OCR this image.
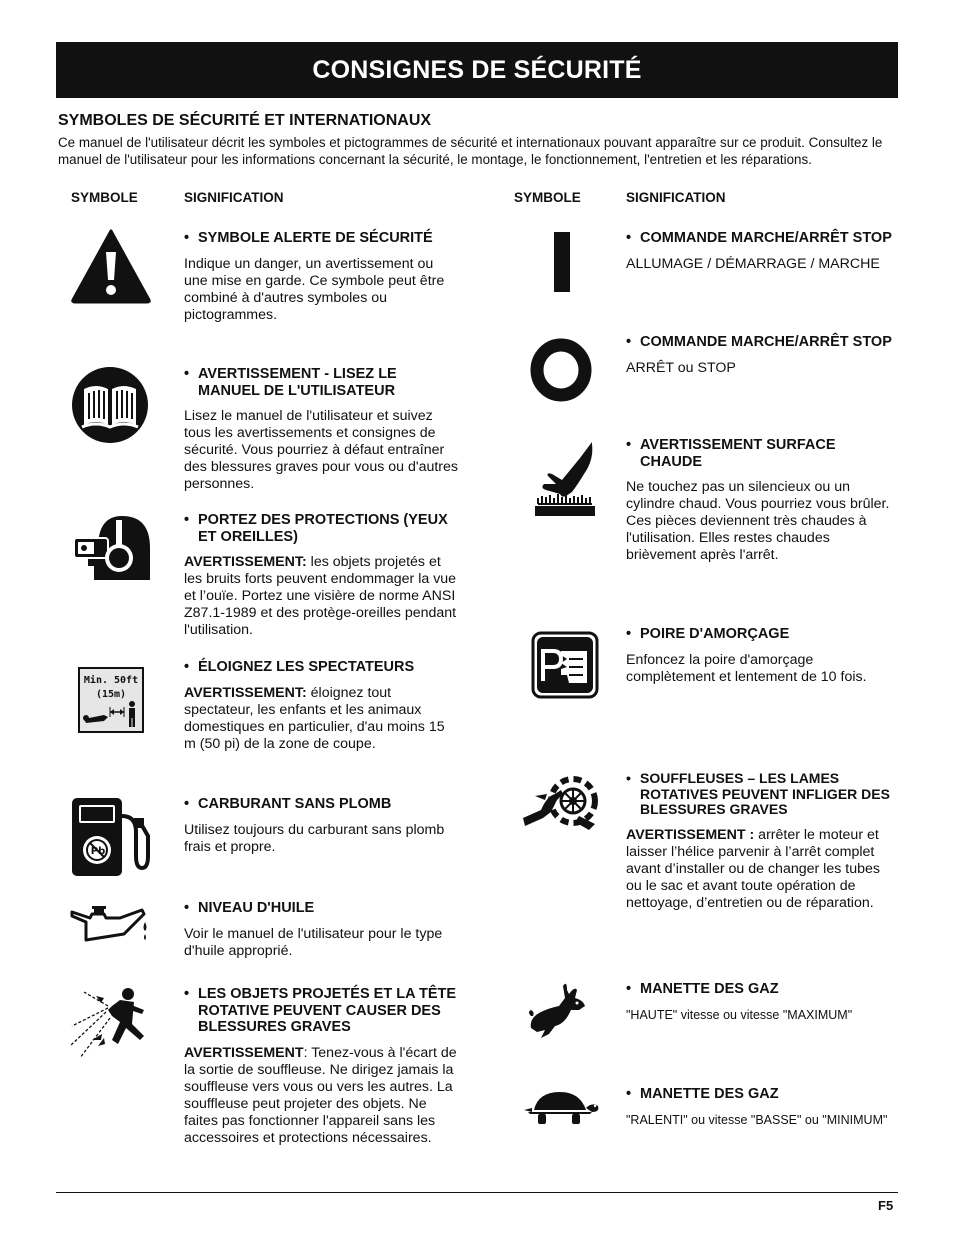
CONSIGNES DE SÉCURITÉ
SYMBOLES DE SÉCURITÉ ET INTERNATIONAUX
Ce manuel de l'utilisateur décrit les symboles et pictogrammes de sécurité et internationaux pouvant apparaître sur ce produit. Consultez le manuel de l'utilisateur pour les informations concernant la sécurité, le montage, le fonctionnement, l'entretien et les réparations.
SYMBOLE	SIGNIFICATION	SYMBOLE	SIGNIFICATION
• SYMBOLE ALERTE DE SÉCURITÉ
Indique un danger, un avertissement ou une mise en garde. Ce symbole peut être combiné à d'autres symboles ou pictogrammes.
• AVERTISSEMENT - LISEZ LE MANUEL DE L'UTILISATEUR
Lisez le manuel de l'utilisateur et suivez tous les avertissements et consignes de sécurité. Vous pourriez à défaut entraîner des blessures graves pour vous ou d'autres personnes.
• PORTEZ DES PROTECTIONS (YEUX ET OREILLES)
AVERTISSEMENT: les objets projetés et les bruits forts peuvent endommager la vue et l’ouïe. Portez une visière de norme ANSI Z87.1-1989 et des protège-oreilles pendant l'utilisation.
Min. 50ft
(15m)
• ÉLOIGNEZ LES SPECTATEURS
AVERTISSEMENT: éloignez tout spectateur, les enfants et les animaux domestiques en particulier, d'au moins 15 m (50 pi) de la zone de coupe.
Pb
• CARBURANT SANS PLOMB
Utilisez toujours du carburant sans plomb frais et propre.
• NIVEAU D'HUILE
Voir le manuel de l'utilisateur pour le type d'huile approprié.
• LES OBJETS PROJETÉS ET LA TÊTE ROTATIVE PEUVENT CAUSER DES BLESSURES GRAVES
AVERTISSEMENT: Tenez-vous à l'écart de la sortie de souffleuse. Ne dirigez jamais la souffleuse vers vous ou vers les autres. La souffleuse peut projeter des objets. Ne faites pas fonctionner l'appareil sans les accessoires et protections nécessaires.
• COMMANDE MARCHE/ARRÊT STOP
ALLUMAGE / DÉMARRAGE / MARCHE
• COMMANDE MARCHE/ARRÊT STOP
ARRÊT ou STOP
• AVERTISSEMENT SURFACE CHAUDE
Ne touchez pas un silencieux ou un cylindre chaud. Vous pourriez vous brûler. Ces pièces deviennent très chaudes à l'utilisation. Elles restes chaudes brièvement après l'arrêt.
• POIRE D'AMORÇAGE
Enfoncez la poire d'amorçage complètement et lentement de 10 fois.
• SOUFFLEUSES – LES LAMES ROTATIVES PEUVENT INFLIGER DES BLESSURES GRAVES
AVERTISSEMENT : arrêter le moteur et laisser l’hélice parvenir à l’arrêt complet avant d’installer ou de changer les tubes ou le sac et avant toute opération de nettoyage, d’entretien ou de réparation.
• MANETTE DES GAZ
"HAUTE" vitesse ou vitesse "MAXIMUM"
• MANETTE DES GAZ
"RALENTI" ou vitesse "BASSE" ou "MINIMUM"
F5
